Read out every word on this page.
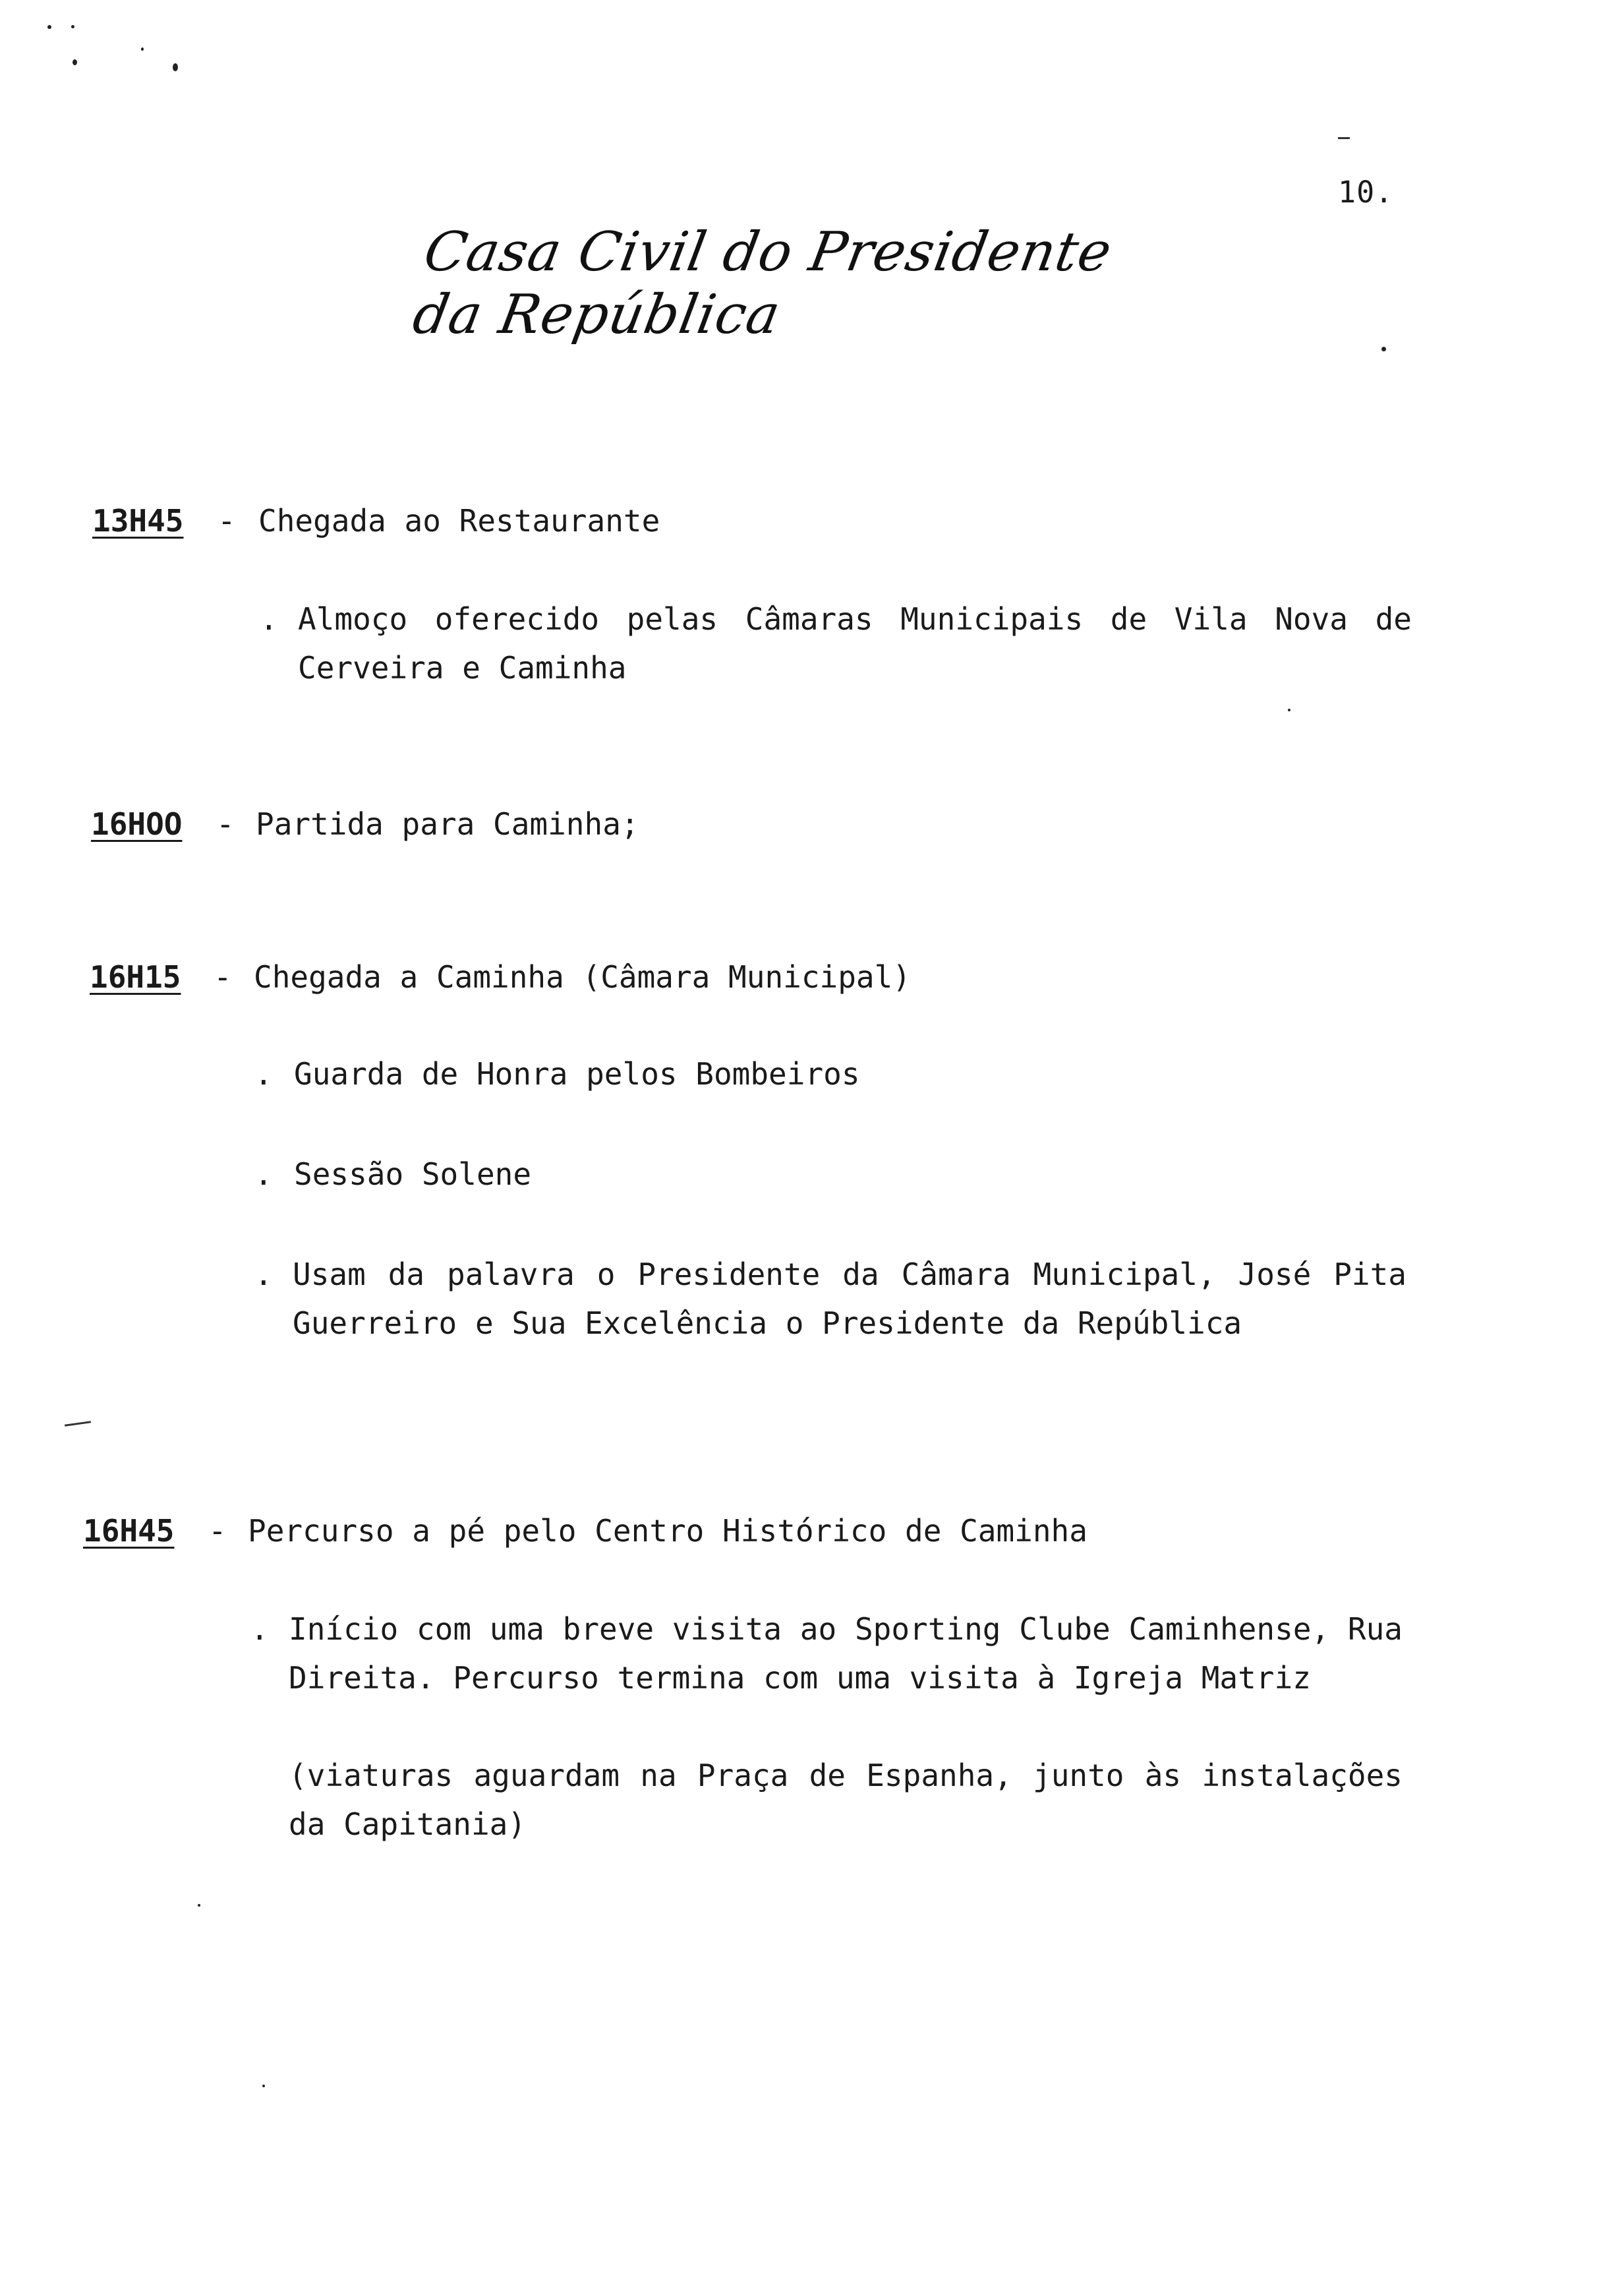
10.
Casa Civil do Presidente da República
13H45 - Chegada ao Restaurante
. Almoço oferecido pelas Câmaras Municipais de Vila Nova de Cerveira e Caminha
16HOO - Partida para Caminha;
16H15 - Chegada a Caminha (Câmara Municipal)
. Guarda de Honra pelos Bombeiros
. Sessão Solene
. Usam da palavra o Presidente da Câmara Municipal, José Pita Guerreiro e Sua Excelência o Presidente da República
16H45 - Percurso a pé pelo Centro Histórico de Caminha
. Início com uma breve visita ao Sporting Clube Caminhense, Rua Direita. Percurso termina com uma visita à Igreja Matriz
(viaturas aguardam na Praça de Espanha, junto às instalações da Capitania)
